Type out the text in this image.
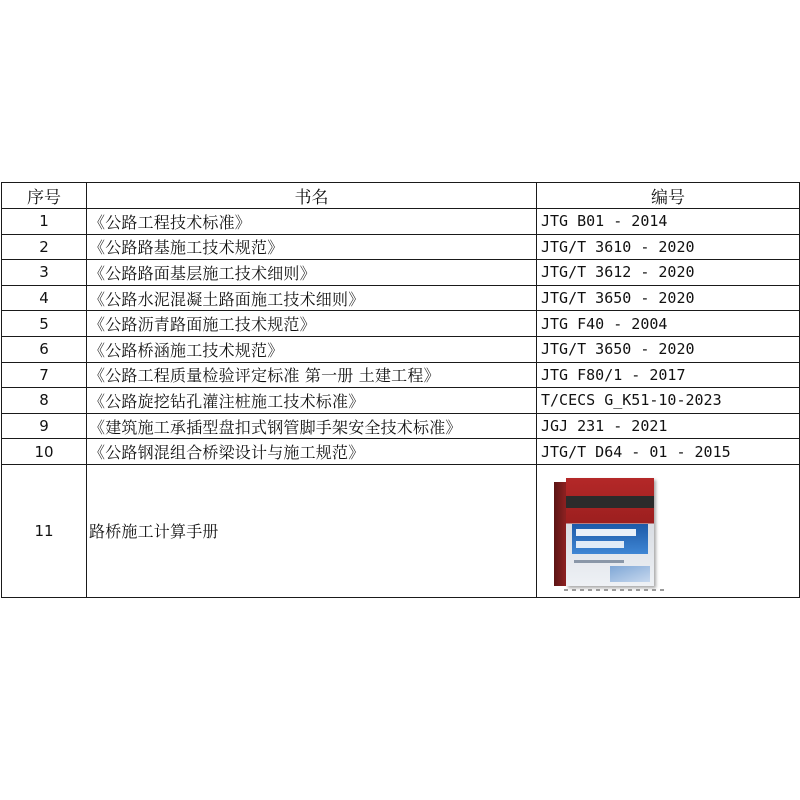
序号	书名	编号
1	《公路工程技术标准》	JTG B01 - 2014
2	《公路路基施工技术规范》	JTG/T 3610 - 2020
3	《公路路面基层施工技术细则》	JTG/T 3612 - 2020
4	《公路水泥混凝土路面施工技术细则》	JTG/T 3650 - 2020
5	《公路沥青路面施工技术规范》	JTG F40 - 2004
6	《公路桥涵施工技术规范》	JTG/T 3650 - 2020
7	《公路工程质量检验评定标准 第一册 土建工程》	JTG F80/1 - 2017
8	《公路旋挖钻孔灌注桩施工技术标准》	T/CECS G_K51-10-2023
9	《建筑施工承插型盘扣式钢管脚手架安全技术标准》	JGJ 231 - 2021
10	《公路钢混组合桥梁设计与施工规范》	JTG/T D64 - 01 - 2015
11	路桥施工计算手册	
